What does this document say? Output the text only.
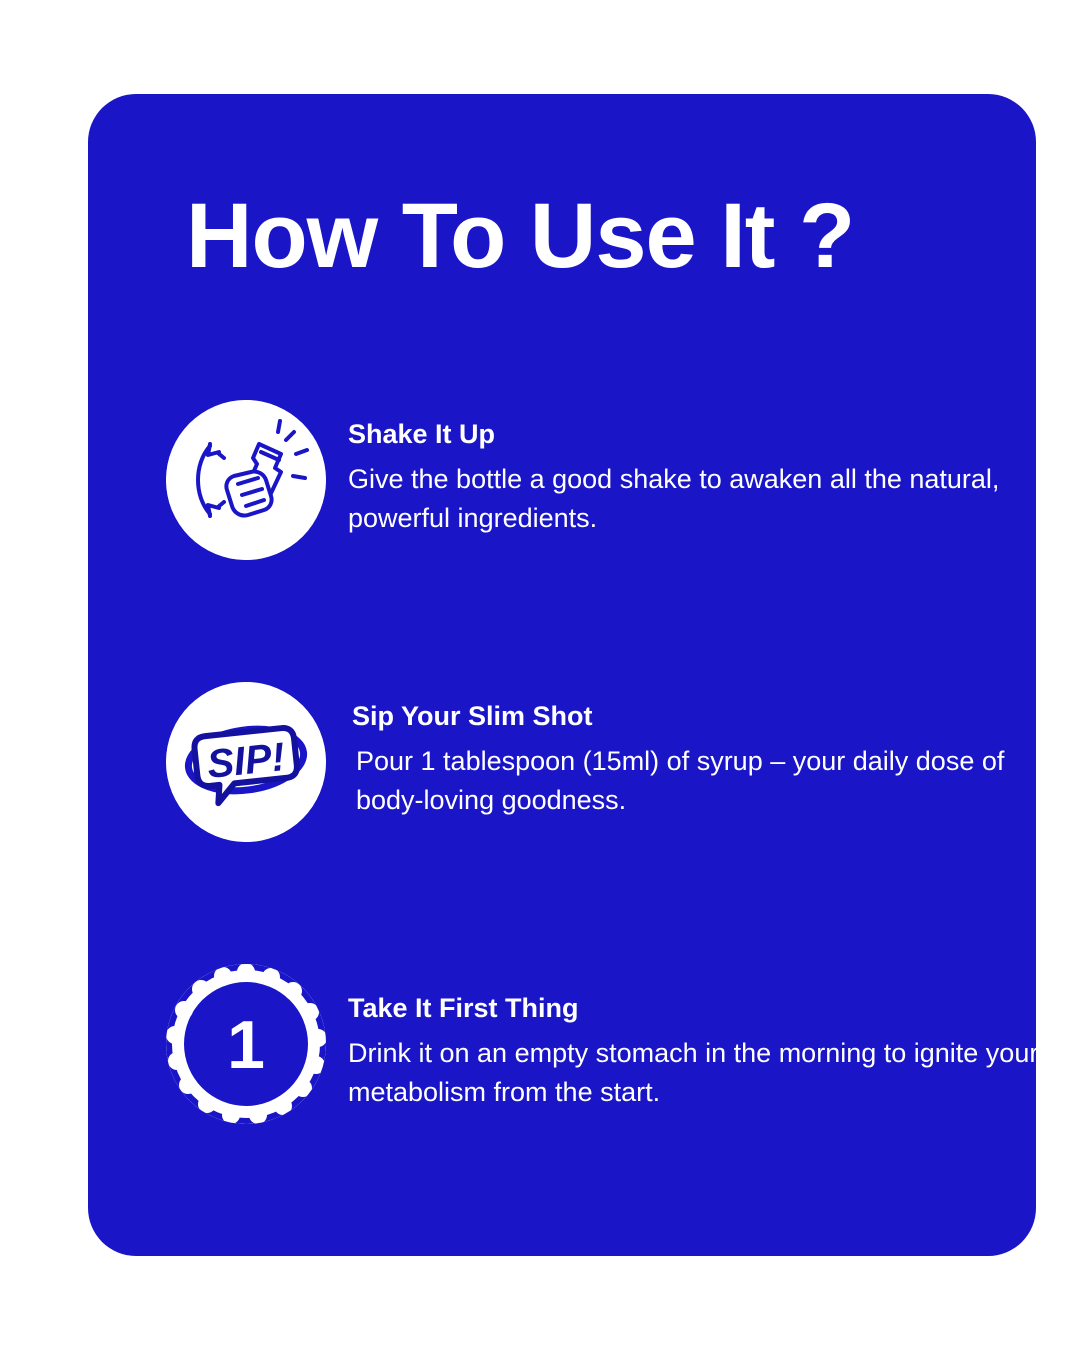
How To Use It ?
Shake It Up

Give the bottle a good shake to awaken all the natural, powerful ingredients.

SIP!
Sip Your Slim Shot

Pour 1 tablespoon (15ml) of syrup – your daily dose of body-loving goodness.

1	Take It First Thing

Drink it on an empty stomach in the morning to ignite your metabolism from the start.
